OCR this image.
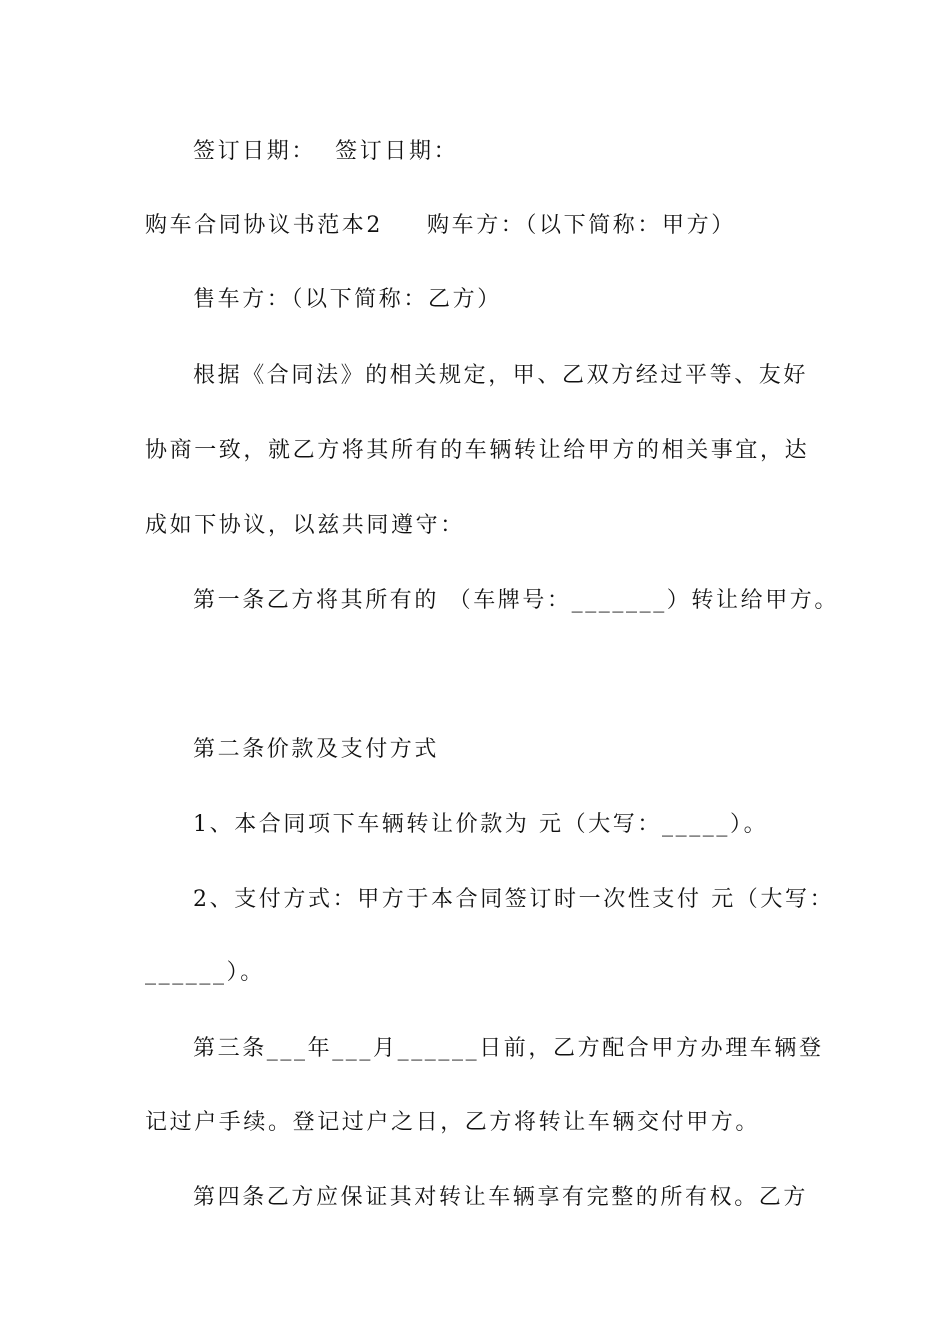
签订日期：  签订日期：
购车合同协议书范本2 购车方：（以下简称：甲方）
售车方：（以下简称：乙方）
根据《合同法》的相关规定，甲、乙双方经过平等、友好
协商一致，就乙方将其所有的车辆转让给甲方的相关事宜，达
成如下协议，以兹共同遵守：
第一条乙方将其所有的 （车牌号：_______）转让给甲方。
第二条价款及支付方式
1、本合同项下车辆转让价款为 元（大写：_____）。
2、支付方式：甲方于本合同签订时一次性支付 元（大写：
______）。
第三条___年___月______日前，乙方配合甲方办理车辆登
记过户手续。登记过户之日，乙方将转让车辆交付甲方。
第四条乙方应保证其对转让车辆享有完整的所有权。乙方
